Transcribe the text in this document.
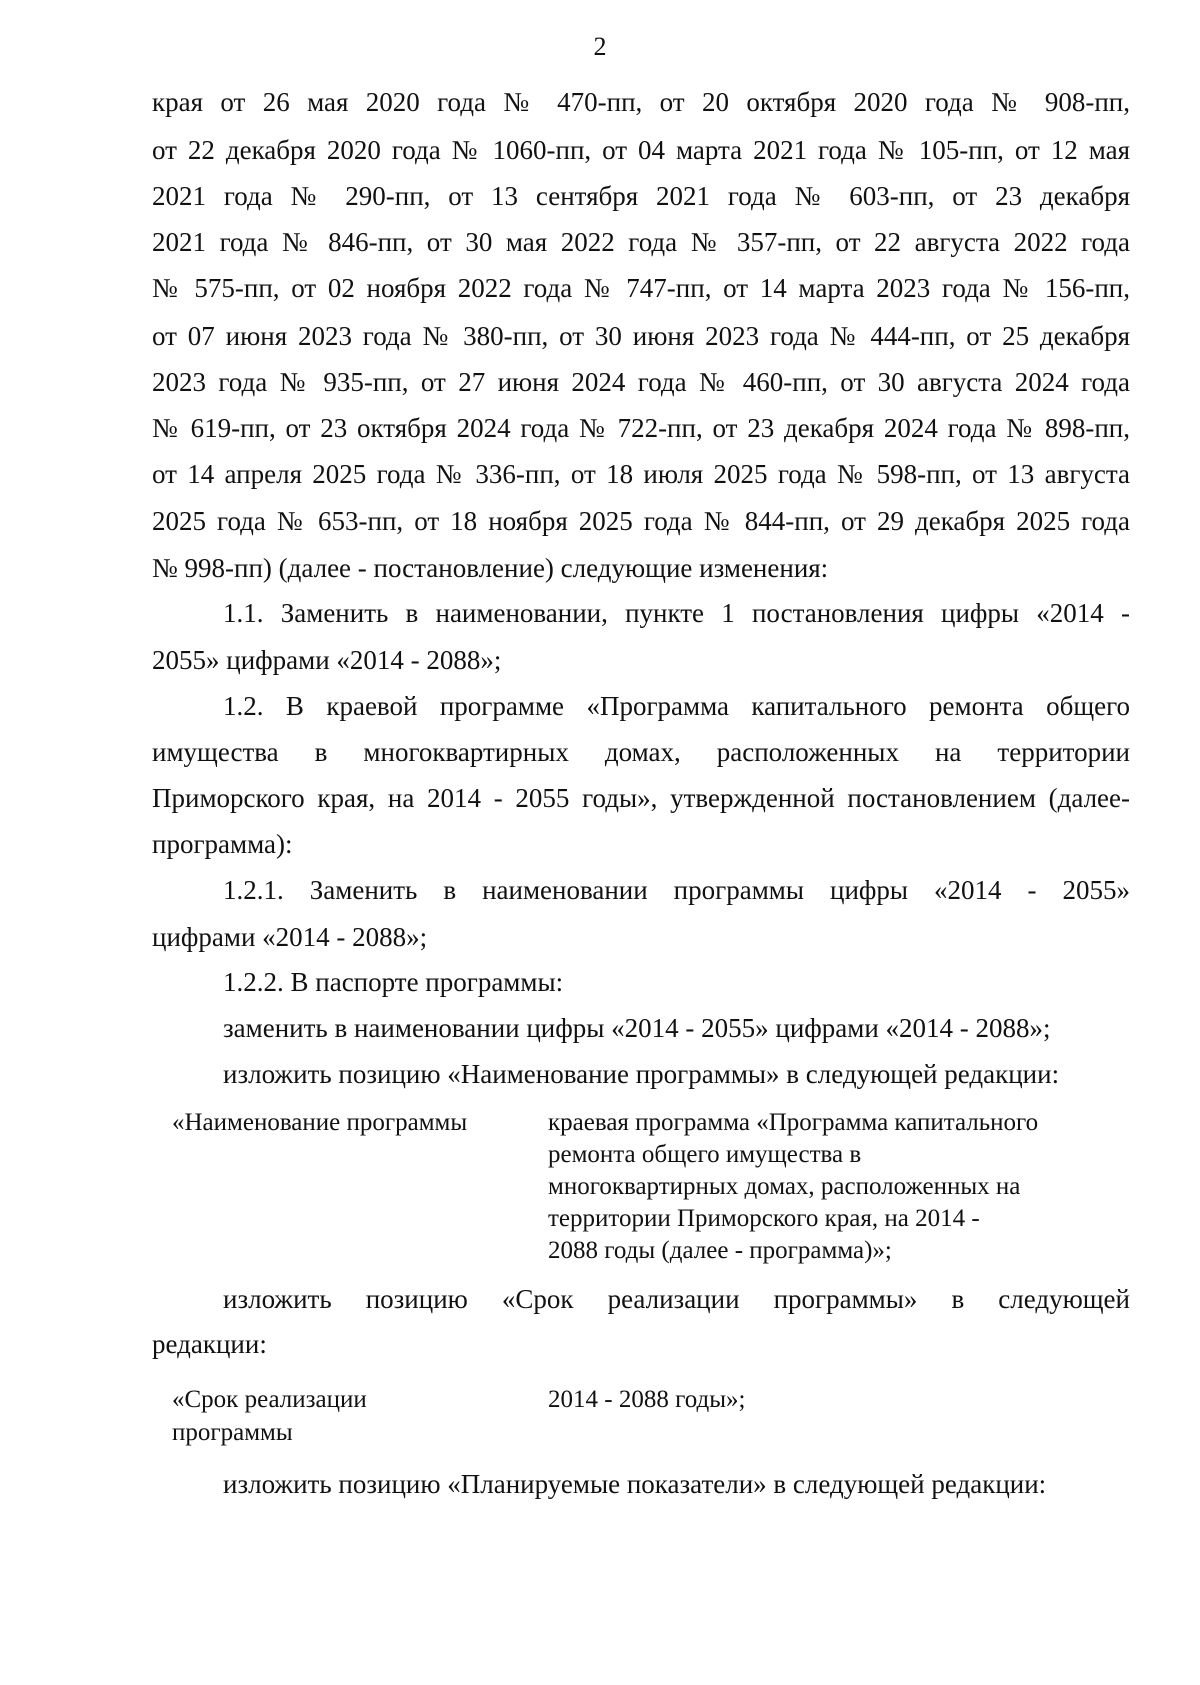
2
края от 26 мая 2020 года № 470-пп, от 20 октября 2020 года № 908-пп,
от 22 декабря 2020 года № 1060-пп, от 04 марта 2021 года № 105-пп, от 12 мая
2021 года № 290-пп, от 13 сентября 2021 года № 603-пп, от 23 декабря
2021 года № 846-пп, от 30 мая 2022 года № 357-пп, от 22 августа 2022 года
№ 575-пп, от 02 ноября 2022 года № 747-пп, от 14 марта 2023 года № 156-пп,
от 07 июня 2023 года № 380-пп, от 30 июня 2023 года № 444-пп, от 25 декабря
2023 года № 935-пп, от 27 июня 2024 года № 460-пп, от 30 августа 2024 года
№ 619-пп, от 23 октября 2024 года № 722-пп, от 23 декабря 2024 года № 898-пп,
от 14 апреля 2025 года № 336-пп, от 18 июля 2025 года № 598-пп, от 13 августа
2025 года № 653-пп, от 18 ноября 2025 года № 844-пп, от 29 декабря 2025 года
№ 998-пп) (далее - постановление) следующие изменения:
1.1. Заменить в наименовании, пункте 1 постановления цифры «2014 -
2055» цифрами «2014 - 2088»;
1.2. В краевой программе «Программа капитального ремонта общего
имущества в многоквартирных домах, расположенных на территории
Приморского края, на 2014 - 2055 годы», утвержденной постановлением (далее-
программа):
1.2.1. Заменить в наименовании программы цифры «2014 - 2055»
цифрами «2014 - 2088»;
1.2.2. В паспорте программы:
заменить в наименовании цифры «2014 - 2055» цифрами «2014 - 2088»;
изложить позицию «Наименование программы» в следующей редакции:
«Наименование программы	краевая программа «Программа капитального
ремонта общего имущества в
многоквартирных домах, расположенных на
территории Приморского края, на 2014 -
2088 годы (далее - программа)»;
изложить позицию «Срок реализации программы» в следующей
редакции:
«Срок реализации
программы
2014 - 2088 годы»;
изложить позицию «Планируемые показатели» в следующей редакции:
